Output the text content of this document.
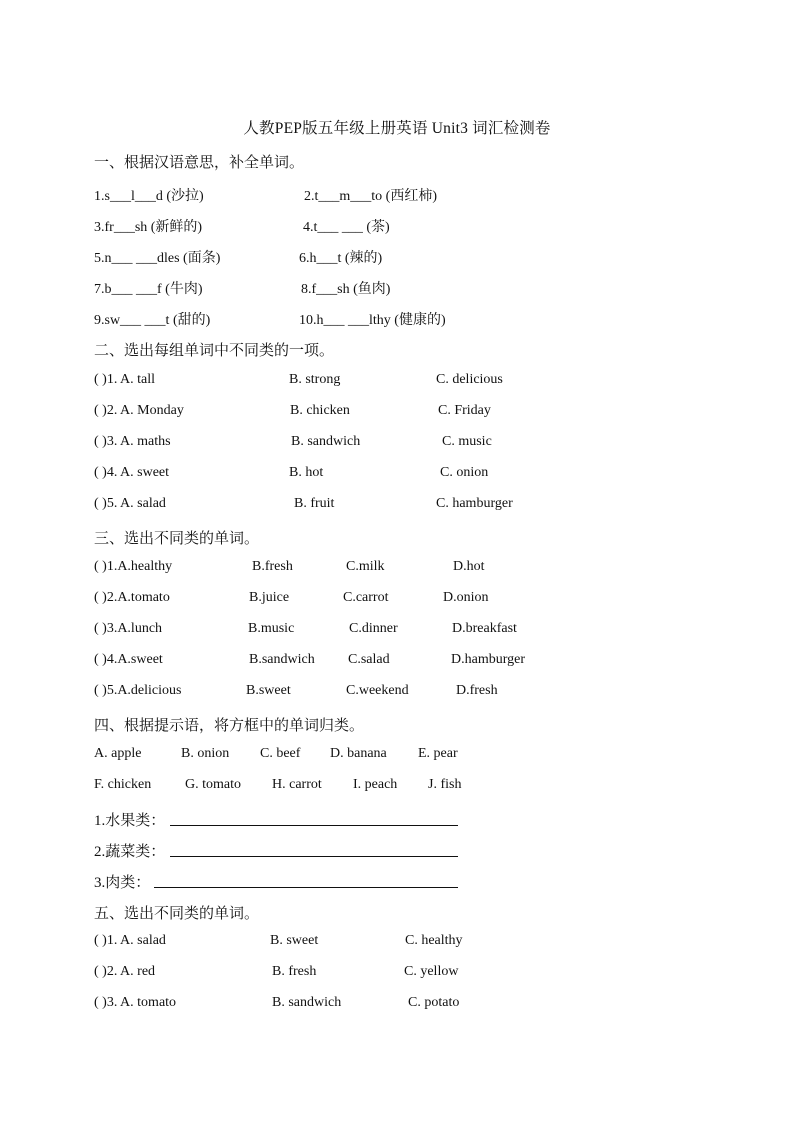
人教PEP版五年级上册英语 Unit3 词汇检测卷
一、根据汉语意思，补全单词。
1.s___l___d (沙拉)	2.t___m___to (西红柿)
3.fr___sh (新鲜的)	4.t___ ___ (茶)
5.n___ ___dles (面条)	6.h___t (辣的)
7.b___ ___f (牛肉)	8.f___sh (鱼肉)
9.sw___ ___t (甜的)	10.h___ ___lthy (健康的)
二、选出每组单词中不同类的一项。
( )1. A. tall	B. strong	C. delicious
( )2. A. Monday	B. chicken	C. Friday
( )3. A. maths	B. sandwich	C. music
( )4. A. sweet	B. hot	C. onion
( )5. A. salad	B. fruit	C. hamburger
三、选出不同类的单词。
( )1.A.healthy	B.fresh	C.milk	D.hot
( )2.A.tomato	B.juice	C.carrot	D.onion
( )3.A.lunch	B.music	C.dinner	D.breakfast
( )4.A.sweet	B.sandwich C.salad	D.hamburger
( )5.A.delicious	B.sweet	C.weekend	D.fresh
四、根据提示语，将方框中的单词归类。
A. apple	B. onion C. beef D. banana E. pear
F. chicken G. tomato H. carrot I. peach J. fish
1.水果类：
2.蔬菜类：
3.肉类：
五、选出不同类的单词。
( )1. A. salad	B. sweet	C. healthy
( )2. A. red	B. fresh	C. yellow
( )3. A. tomato	B. sandwich	C. potato
